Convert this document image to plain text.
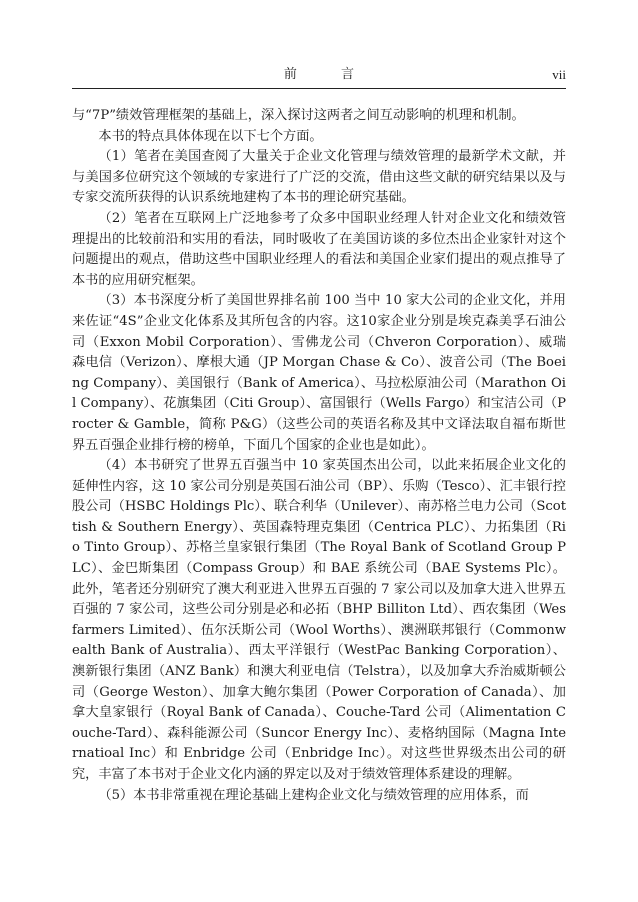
前 言	vii

与“7P”绩效管理框架的基础上，深入探讨这两者之间互动影响的机理和机制。

本书的特点具体体现在以下七个方面。

（1）笔者在美国查阅了大量关于企业文化管理与绩效管理的最新学术文献，并与美国多位研究这个领域的专家进行了广泛的交流，借由这些文献的研究结果以及与专家交流所获得的认识系统地建构了本书的理论研究基础。

（2）笔者在互联网上广泛地参考了众多中国职业经理人针对企业文化和绩效管理提出的比较前沿和实用的看法，同时吸收了在美国访谈的多位杰出企业家针对这个问题提出的观点，借助这些中国职业经理人的看法和美国企业家们提出的观点推导了本书的应用研究框架。

（3）本书深度分析了美国世界排名前 100 当中 10 家大公司的企业文化，并用来佐证“4S”企业文化体系及其所包含的内容。这10家企业分别是埃克森美孚石油公司（Exxon Mobil Corporation）、雪佛龙公司（Chveron Corporation）、威瑞森电信（Verizon）、摩根大通（JP Morgan Chase & Co）、波音公司（The Boeing Company）、美国银行（Bank of America）、马拉松原油公司（Marathon Oil Company）、花旗集团（Citi Group）、富国银行（Wells Fargo）和宝洁公司（Procter & Gamble，简称 P&G）（这些公司的英语名称及其中文译法取自福布斯世界五百强企业排行榜的榜单，下面几个国家的企业也是如此）。

（4）本书研究了世界五百强当中 10 家英国杰出公司，以此来拓展企业文化的延伸性内容，这 10 家公司分别是英国石油公司（BP）、乐购（Tesco）、汇丰银行控股公司（HSBC Holdings Plc）、联合利华（Unilever）、南苏格兰电力公司（Scottish & Southern Energy）、英国森特理克集团（Centrica PLC）、力拓集团（Rio Tinto Group）、苏格兰皇家银行集团（The Royal Bank of Scotland Group PLC）、金巴斯集团（Compass Group）和 BAE 系统公司（BAE Systems Plc）。此外，笔者还分别研究了澳大利亚进入世界五百强的 7 家公司以及加拿大进入世界五百强的 7 家公司，这些公司分别是必和必拓（BHP Billiton Ltd）、西农集团（Wesfarmers Limited）、伍尔沃斯公司（Wool Worths）、澳洲联邦银行（Commonwealth Bank of Australia）、西太平洋银行（WestPac Banking Corporation）、澳新银行集团（ANZ Bank）和澳大利亚电信（Telstra），以及加拿大乔治威斯顿公司（George Weston）、加拿大鲍尔集团（Power Corporation of Canada）、加拿大皇家银行（Royal Bank of Canada）、Couche-Tard 公司（Alimentation Couche-Tard）、森科能源公司（Suncor Energy Inc）、麦格纳国际（Magna Internatioal Inc）和 Enbridge 公司（Enbridge Inc）。对这些世界级杰出公司的研究，丰富了本书对于企业文化内涵的界定以及对于绩效管理体系建设的理解。

（5）本书非常重视在理论基础上建构企业文化与绩效管理的应用体系，而
